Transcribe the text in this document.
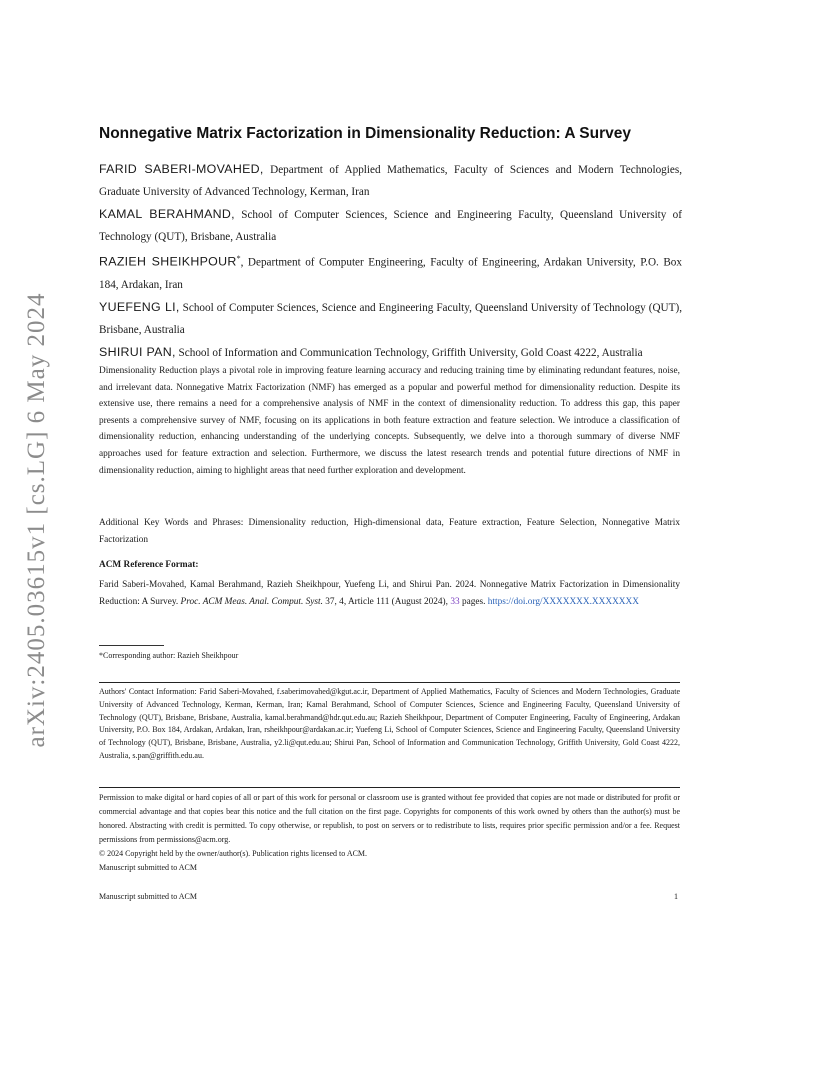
arXiv:2405.03615v1 [cs.LG] 6 May 2024
Nonnegative Matrix Factorization in Dimensionality Reduction: A Survey
FARID SABERI-MOVAHED, Department of Applied Mathematics, Faculty of Sciences and Modern Technologies, Graduate University of Advanced Technology, Kerman, Iran
KAMAL BERAHMAND, School of Computer Sciences, Science and Engineering Faculty, Queensland University of Technology (QUT), Brisbane, Australia
RAZIEH SHEIKHPOUR*, Department of Computer Engineering, Faculty of Engineering, Ardakan University, P.O. Box 184, Ardakan, Iran
YUEFENG LI, School of Computer Sciences, Science and Engineering Faculty, Queensland University of Technology (QUT), Brisbane, Australia
SHIRUI PAN, School of Information and Communication Technology, Griffith University, Gold Coast 4222, Australia
Dimensionality Reduction plays a pivotal role in improving feature learning accuracy and reducing training time by eliminating redundant features, noise, and irrelevant data. Nonnegative Matrix Factorization (NMF) has emerged as a popular and powerful method for dimensionality reduction. Despite its extensive use, there remains a need for a comprehensive analysis of NMF in the context of dimensionality reduction. To address this gap, this paper presents a comprehensive survey of NMF, focusing on its applications in both feature extraction and feature selection. We introduce a classification of dimensionality reduction, enhancing understanding of the underlying concepts. Subsequently, we delve into a thorough summary of diverse NMF approaches used for feature extraction and selection. Furthermore, we discuss the latest research trends and potential future directions of NMF in dimensionality reduction, aiming to highlight areas that need further exploration and development.
Additional Key Words and Phrases: Dimensionality reduction, High-dimensional data, Feature extraction, Feature Selection, Nonnegative Matrix Factorization
ACM Reference Format:
Farid Saberi-Movahed, Kamal Berahmand, Razieh Sheikhpour, Yuefeng Li, and Shirui Pan. 2024. Nonnegative Matrix Factorization in Dimensionality Reduction: A Survey. Proc. ACM Meas. Anal. Comput. Syst. 37, 4, Article 111 (August 2024), 33 pages. https://doi.org/XXXXXXX.XXXXXXX
*Corresponding author: Razieh Sheikhpour
Authors' Contact Information: Farid Saberi-Movahed, f.saberimovahed@kgut.ac.ir, Department of Applied Mathematics, Faculty of Sciences and Modern Technologies, Graduate University of Advanced Technology, Kerman, Kerman, Iran; Kamal Berahmand, School of Computer Sciences, Science and Engineering Faculty, Queensland University of Technology (QUT), Brisbane, Brisbane, Australia, kamal.berahmand@hdr.qut.edu.au; Razieh Sheikhpour, Department of Computer Engineering, Faculty of Engineering, Ardakan University, P.O. Box 184, Ardakan, Ardakan, Iran, rsheikhpour@ardakan.ac.ir; Yuefeng Li, School of Computer Sciences, Science and Engineering Faculty, Queensland University of Technology (QUT), Brisbane, Brisbane, Australia, y2.li@qut.edu.au; Shirui Pan, School of Information and Communication Technology, Griffith University, Gold Coast 4222, Australia, s.pan@griffith.edu.au.
Permission to make digital or hard copies of all or part of this work for personal or classroom use is granted without fee provided that copies are not made or distributed for profit or commercial advantage and that copies bear this notice and the full citation on the first page. Copyrights for components of this work owned by others than the author(s) must be honored. Abstracting with credit is permitted. To copy otherwise, or republish, to post on servers or to redistribute to lists, requires prior specific permission and/or a fee. Request permissions from permissions@acm.org.
© 2024 Copyright held by the owner/author(s). Publication rights licensed to ACM.
Manuscript submitted to ACM
Manuscript submitted to ACM	1
